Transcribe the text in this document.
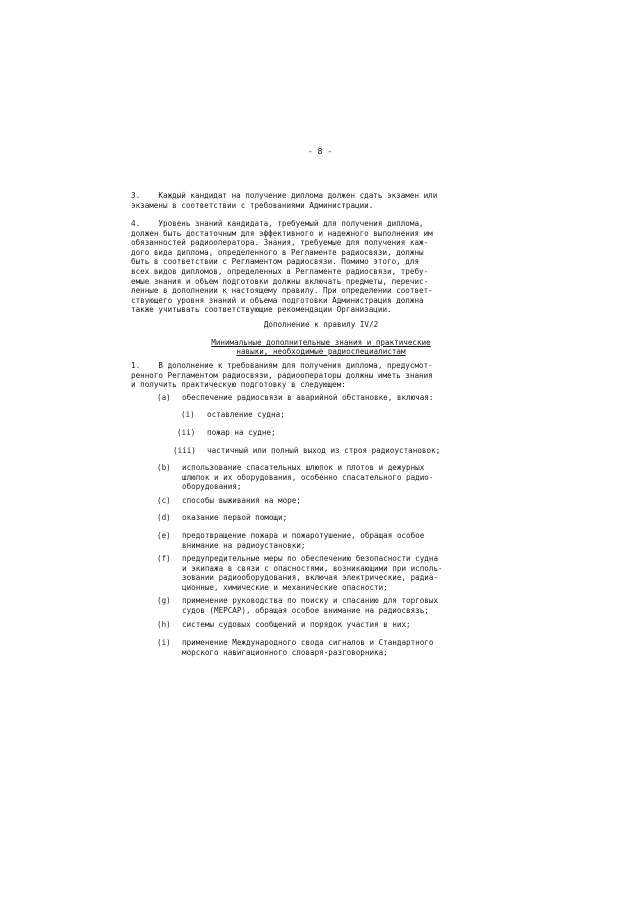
- 8 -
3.    Каждый кандидат на получение диплома должен сдать экзамен или
экзамены в соответствии с требованиями Администрации.
4.    Уровень знаний кандидата, требуемый для получения диплома,
должен быть достаточным для эффективного и надежного выполнения им
обязанностей радиооператора. Знания, требуемые для получения каж-
дого вида диплома, определенного в Регламенте радиосвязи, должны
быть в соответствии с Регламентом радиосвязи. Помимо этого, для
всех видов дипломов, определенных в Регламенте радиосвязи, требу-
емые знания и объем подготовки должны включать предметы, перечис-
ленные в дополнении к настоящему правилу. При определении соответ-
ствующего уровня знаний и объема подготовки Администрация должна
также учитывать соответствующие рекомендации Организации.
Дополнение к правилу IV/2
Минимальные дополнительные знания и практические
навыки, необходимые радиоспециалистам
1.    В дополнение к требованиям для получения диплома, предусмот-
ренного Регламентом радиосвязи, радиооператоры должны иметь знания
и получить практическую подготовку в следующем:
(a) обеспечение радиосвязи в аварийной обстановке, включая:
(i) оставление судна;
(ii) пожар на судне;
(iii) частичный или полный выход из строя радиоустановок;
(b) использование спасательных шлюпок и плотов и дежурных
шлюпок и их оборудования, особенно спасательного радио-
оборудования;
(c) способы выживания на море;
(d) оказание первой помощи;
(e) предотвращение пожара и пожаротушение, обращая особое
внимание на радиоустановки;
(f) предупредительные меры по обеспечению безопасности судна
и экипажа в связи с опасностями, возникающими при исполь-
зовании радиооборудования, включая электрические, радиа-
ционные, химические и механические опасности;
(g) применение руководства по поиску и спасанию для торговых
судов (МЕРСАР), обращая особое внимание на радиосвязь;
(h) системы судовых сообщений и порядок участия в них;
(i) применение Международного свода сигналов и Стандартного
морского навигационного словаря-разговорника;
